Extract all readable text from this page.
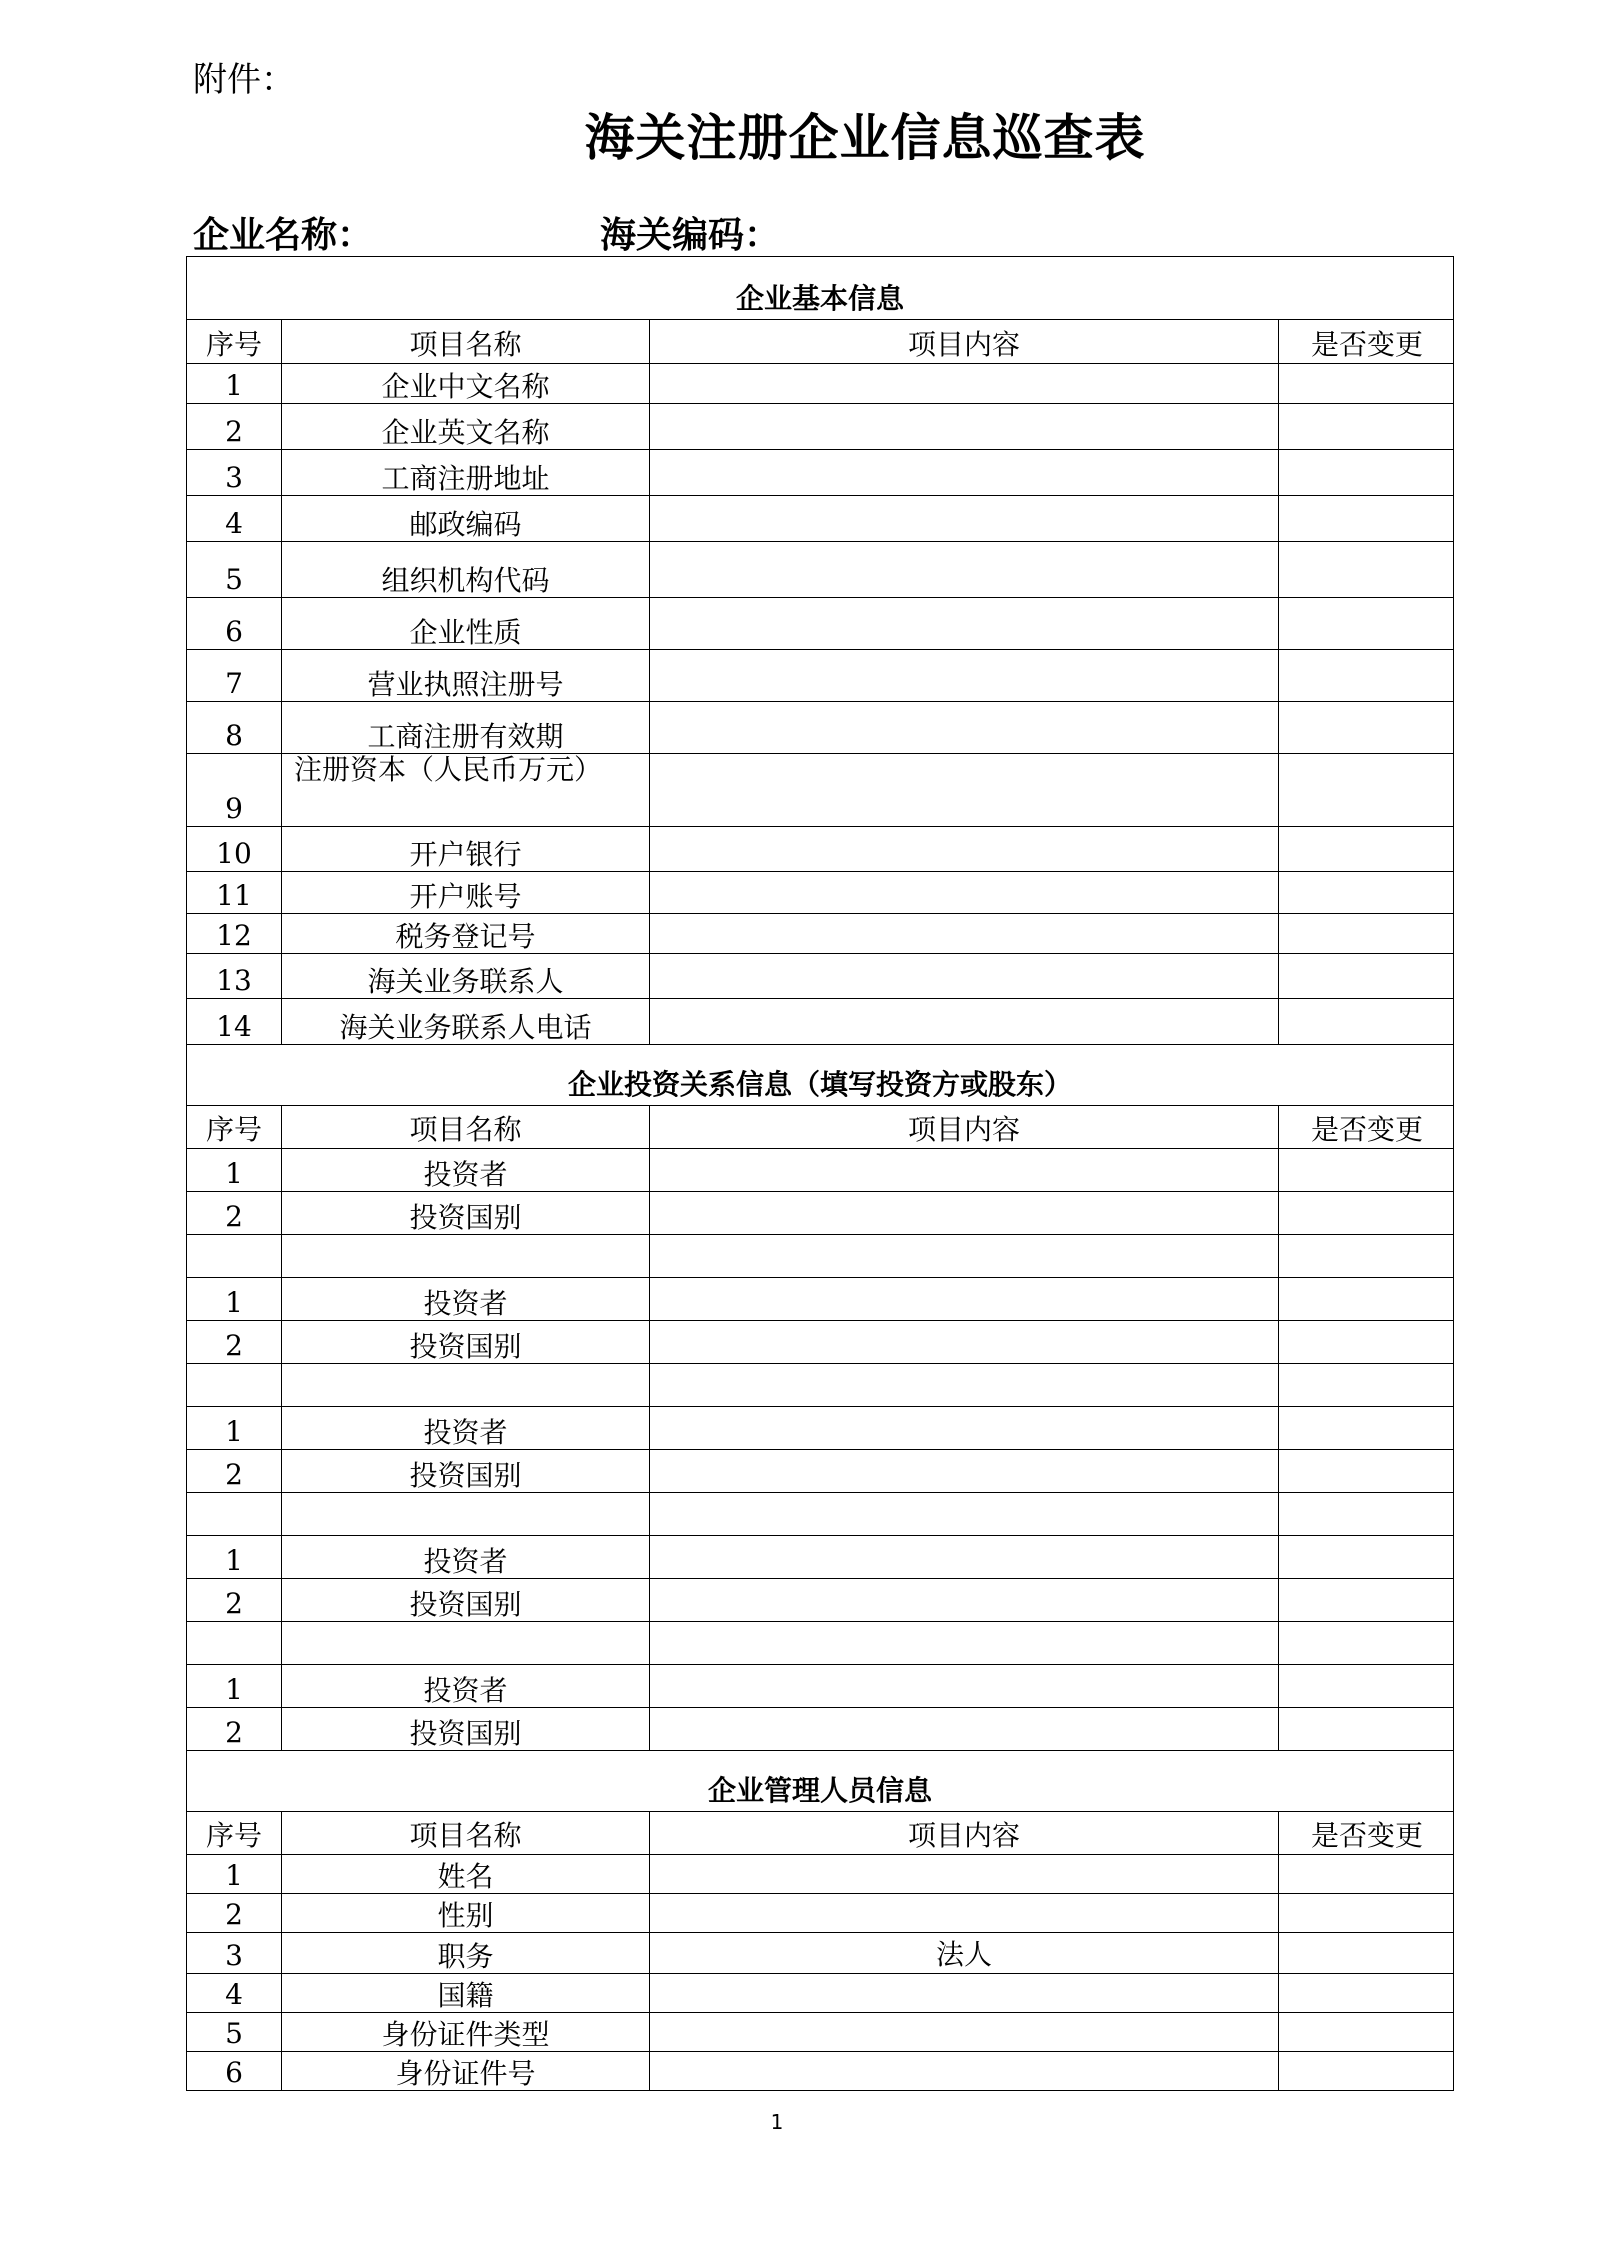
附件：
海关注册企业信息巡查表
企业名称：	海关编码：
企业基本信息			
序号	项目名称	项目内容	是否变更
1	企业中文名称		
2	企业英文名称		
3	工商注册地址		
4	邮政编码		
5	组织机构代码		
6	企业性质		
7	营业执照注册号		
8	工商注册有效期		
9	注册资本（人民币万元）		
10	开户银行		
11	开户账号		
12	税务登记号		
13	海关业务联系人		
14	海关业务联系人电话		
企业投资关系信息（填写投资方或股东）			
序号	项目名称	项目内容	是否变更
1	投资者		
2	投资国别		

1	投资者		
2	投资国别		

1	投资者		
2	投资国别		

1	投资者		
2	投资国别		

1	投资者		
2	投资国别		
企业管理人员信息			
序号	项目名称	项目内容	是否变更
1	姓名		
2	性别		
3	职务	法人	
4	国籍		
5	身份证件类型		
6	身份证件号		
1
